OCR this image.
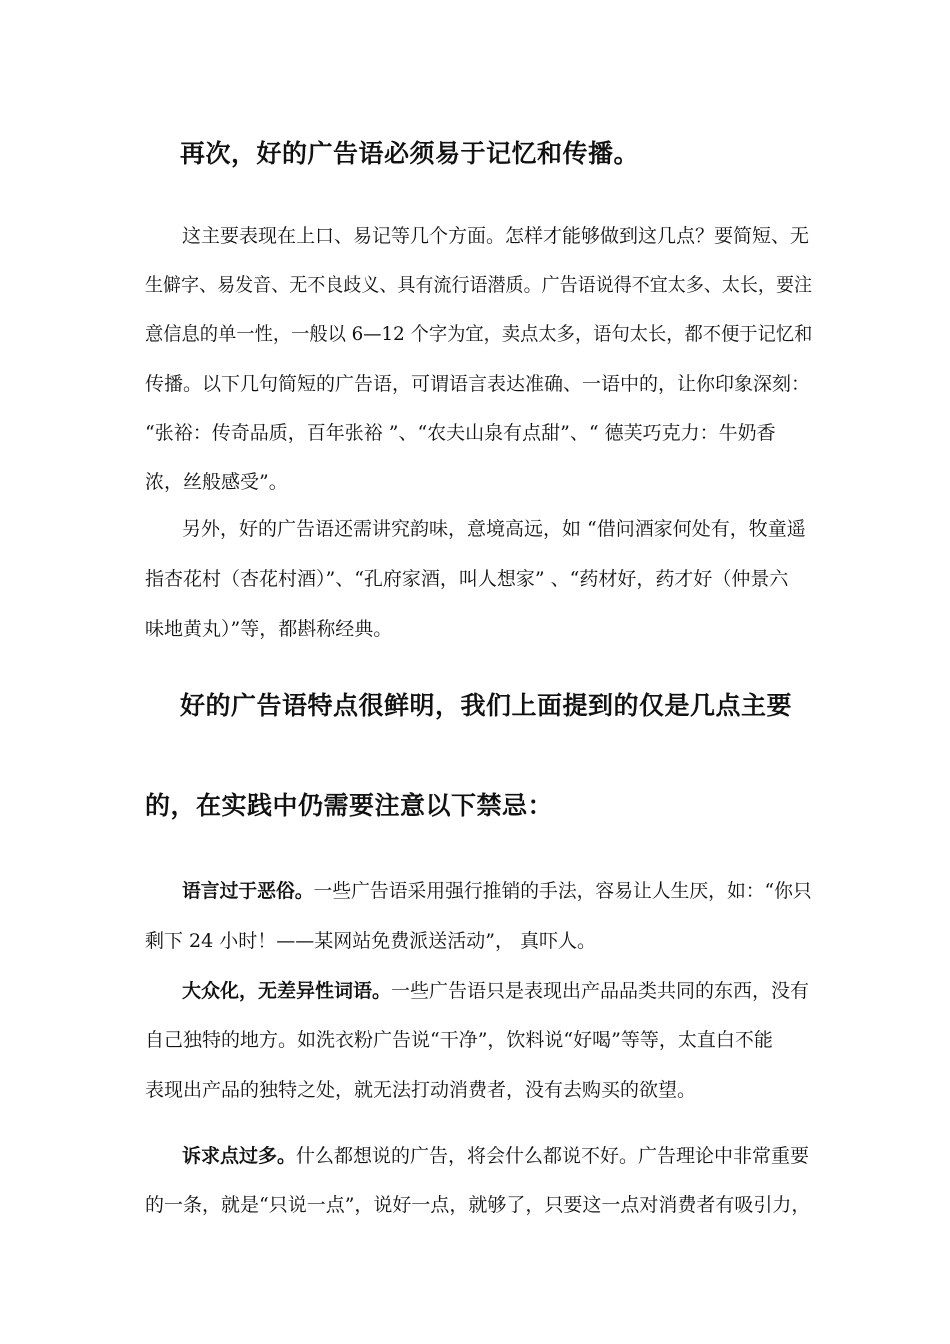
再次，好的广告语必须易于记忆和传播。
这主要表现在上口、易记等几个方面。怎样才能够做到这几点？要简短、无
生僻字、易发音、无不良歧义、具有流行语潜质。广告语说得不宜太多、太长，要注
意信息的单一性，一般以 6—12 个字为宜，卖点太多，语句太长，都不便于记忆和
传播。以下几句简短的广告语，可谓语言表达准确、一语中的，让你印象深刻：
“张裕：传奇品质，百年张裕 ”、“农夫山泉有点甜”、“ 德芙巧克力：牛奶香
浓，丝般感受”。
另外，好的广告语还需讲究韵味，意境高远，如 “借问酒家何处有，牧童遥
指杏花村（杏花村酒）”、“孔府家酒，叫人想家” 、“药材好，药才好（仲景六
味地黄丸）”等，都斟称经典。
好的广告语特点很鲜明，我们上面提到的仅是几点主要
的，在实践中仍需要注意以下禁忌：
语言过于恶俗。一些广告语采用强行推销的手法，容易让人生厌，如：“你只
剩下 24 小时！——某网站免费派送活动”， 真吓人。
大众化，无差异性词语。一些广告语只是表现出产品品类共同的东西，没有
自己独特的地方。如洗衣粉广告说“干净”，饮料说“好喝”等等，太直白不能
表现出产品的独特之处，就无法打动消费者，没有去购买的欲望。
诉求点过多。什么都想说的广告，将会什么都说不好。广告理论中非常重要
的一条，就是“只说一点”，说好一点，就够了，只要这一点对消费者有吸引力，
